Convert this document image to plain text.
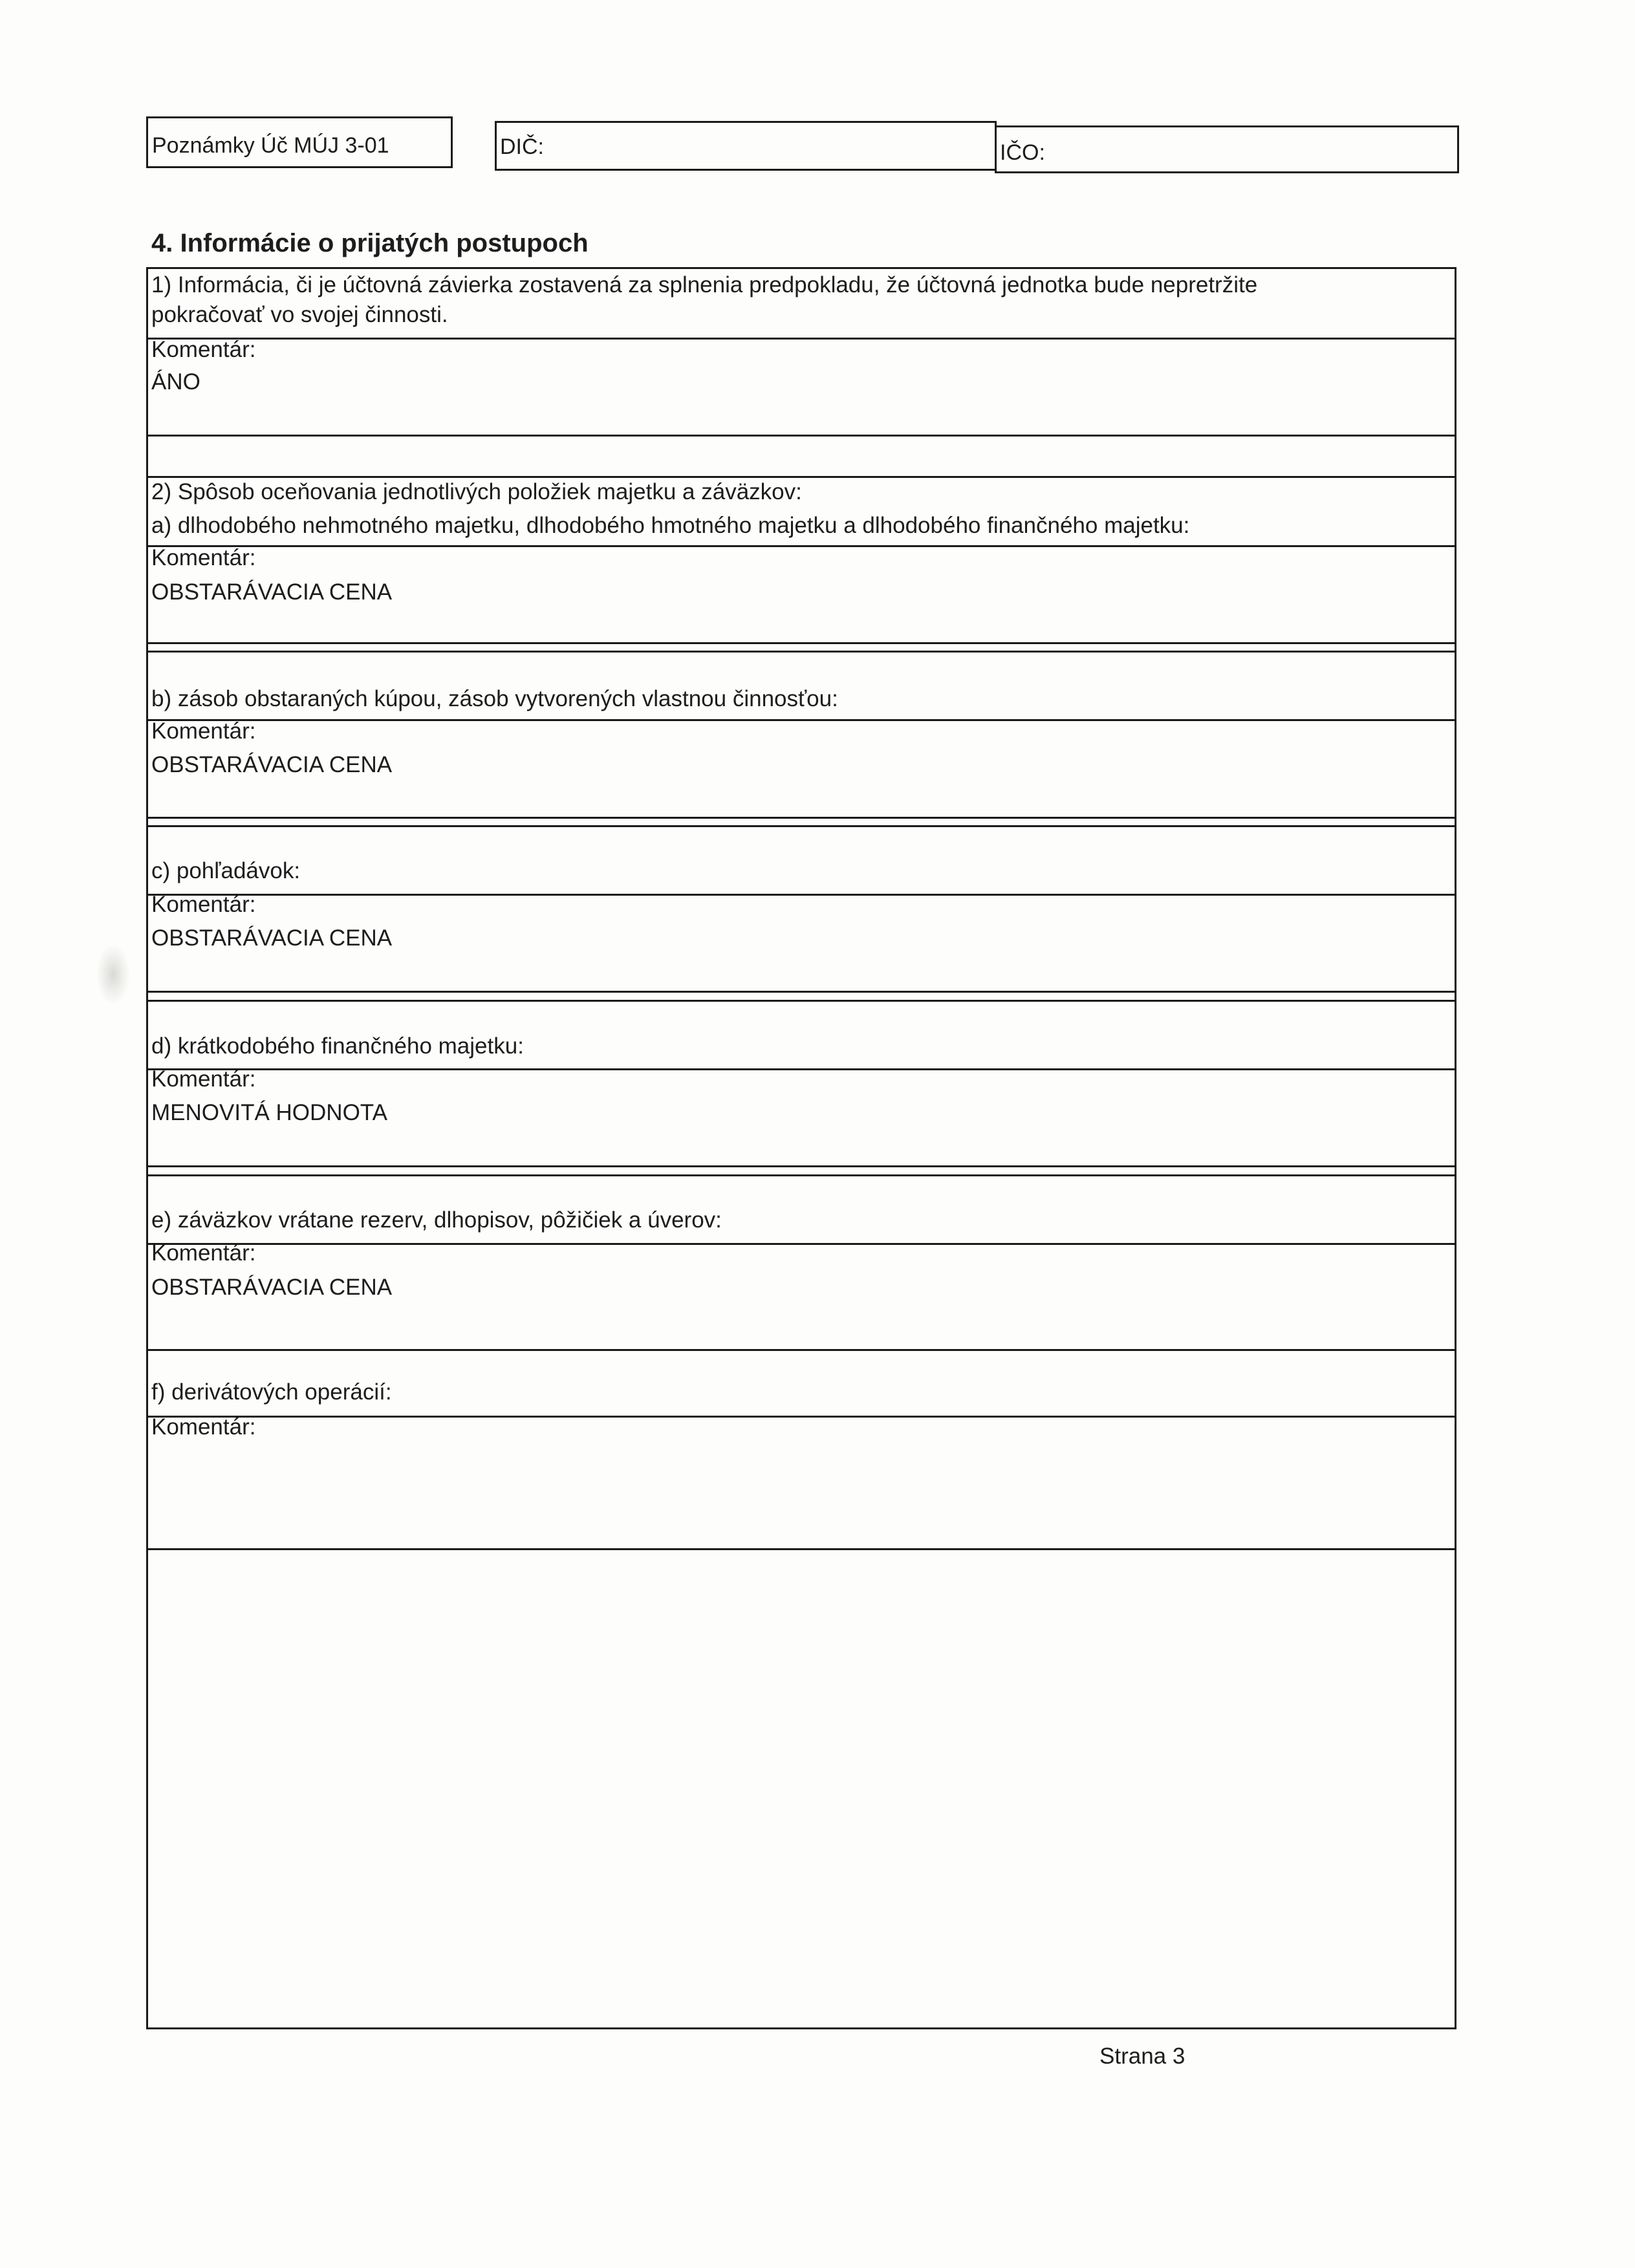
Poznámky Úč MÚJ 3-01	DIČ:	IČO:
4. Informácie o prijatých postupoch
1) Informácia, či je účtovná závierka zostavená za splnenia predpokladu, že účtovná jednotka bude nepretržite
pokračovať vo svojej činnosti.
Komentár:
ÁNO
2) Spôsob oceňovania jednotlivých položiek majetku a záväzkov:
a) dlhodobého nehmotného majetku, dlhodobého hmotného majetku a dlhodobého finančného majetku:
Komentár:
OBSTARÁVACIA CENA
b) zásob obstaraných kúpou, zásob vytvorených vlastnou činnosťou:
Komentár:
OBSTARÁVACIA CENA
c) pohľadávok:
Komentár:
OBSTARÁVACIA CENA
d) krátkodobého finančného majetku:
Komentár:
MENOVITÁ HODNOTA
e) záväzkov vrátane rezerv, dlhopisov, pôžičiek a úverov:
Komentár:
OBSTARÁVACIA CENA
f) derivátových operácií:
Komentár:
Strana 3
